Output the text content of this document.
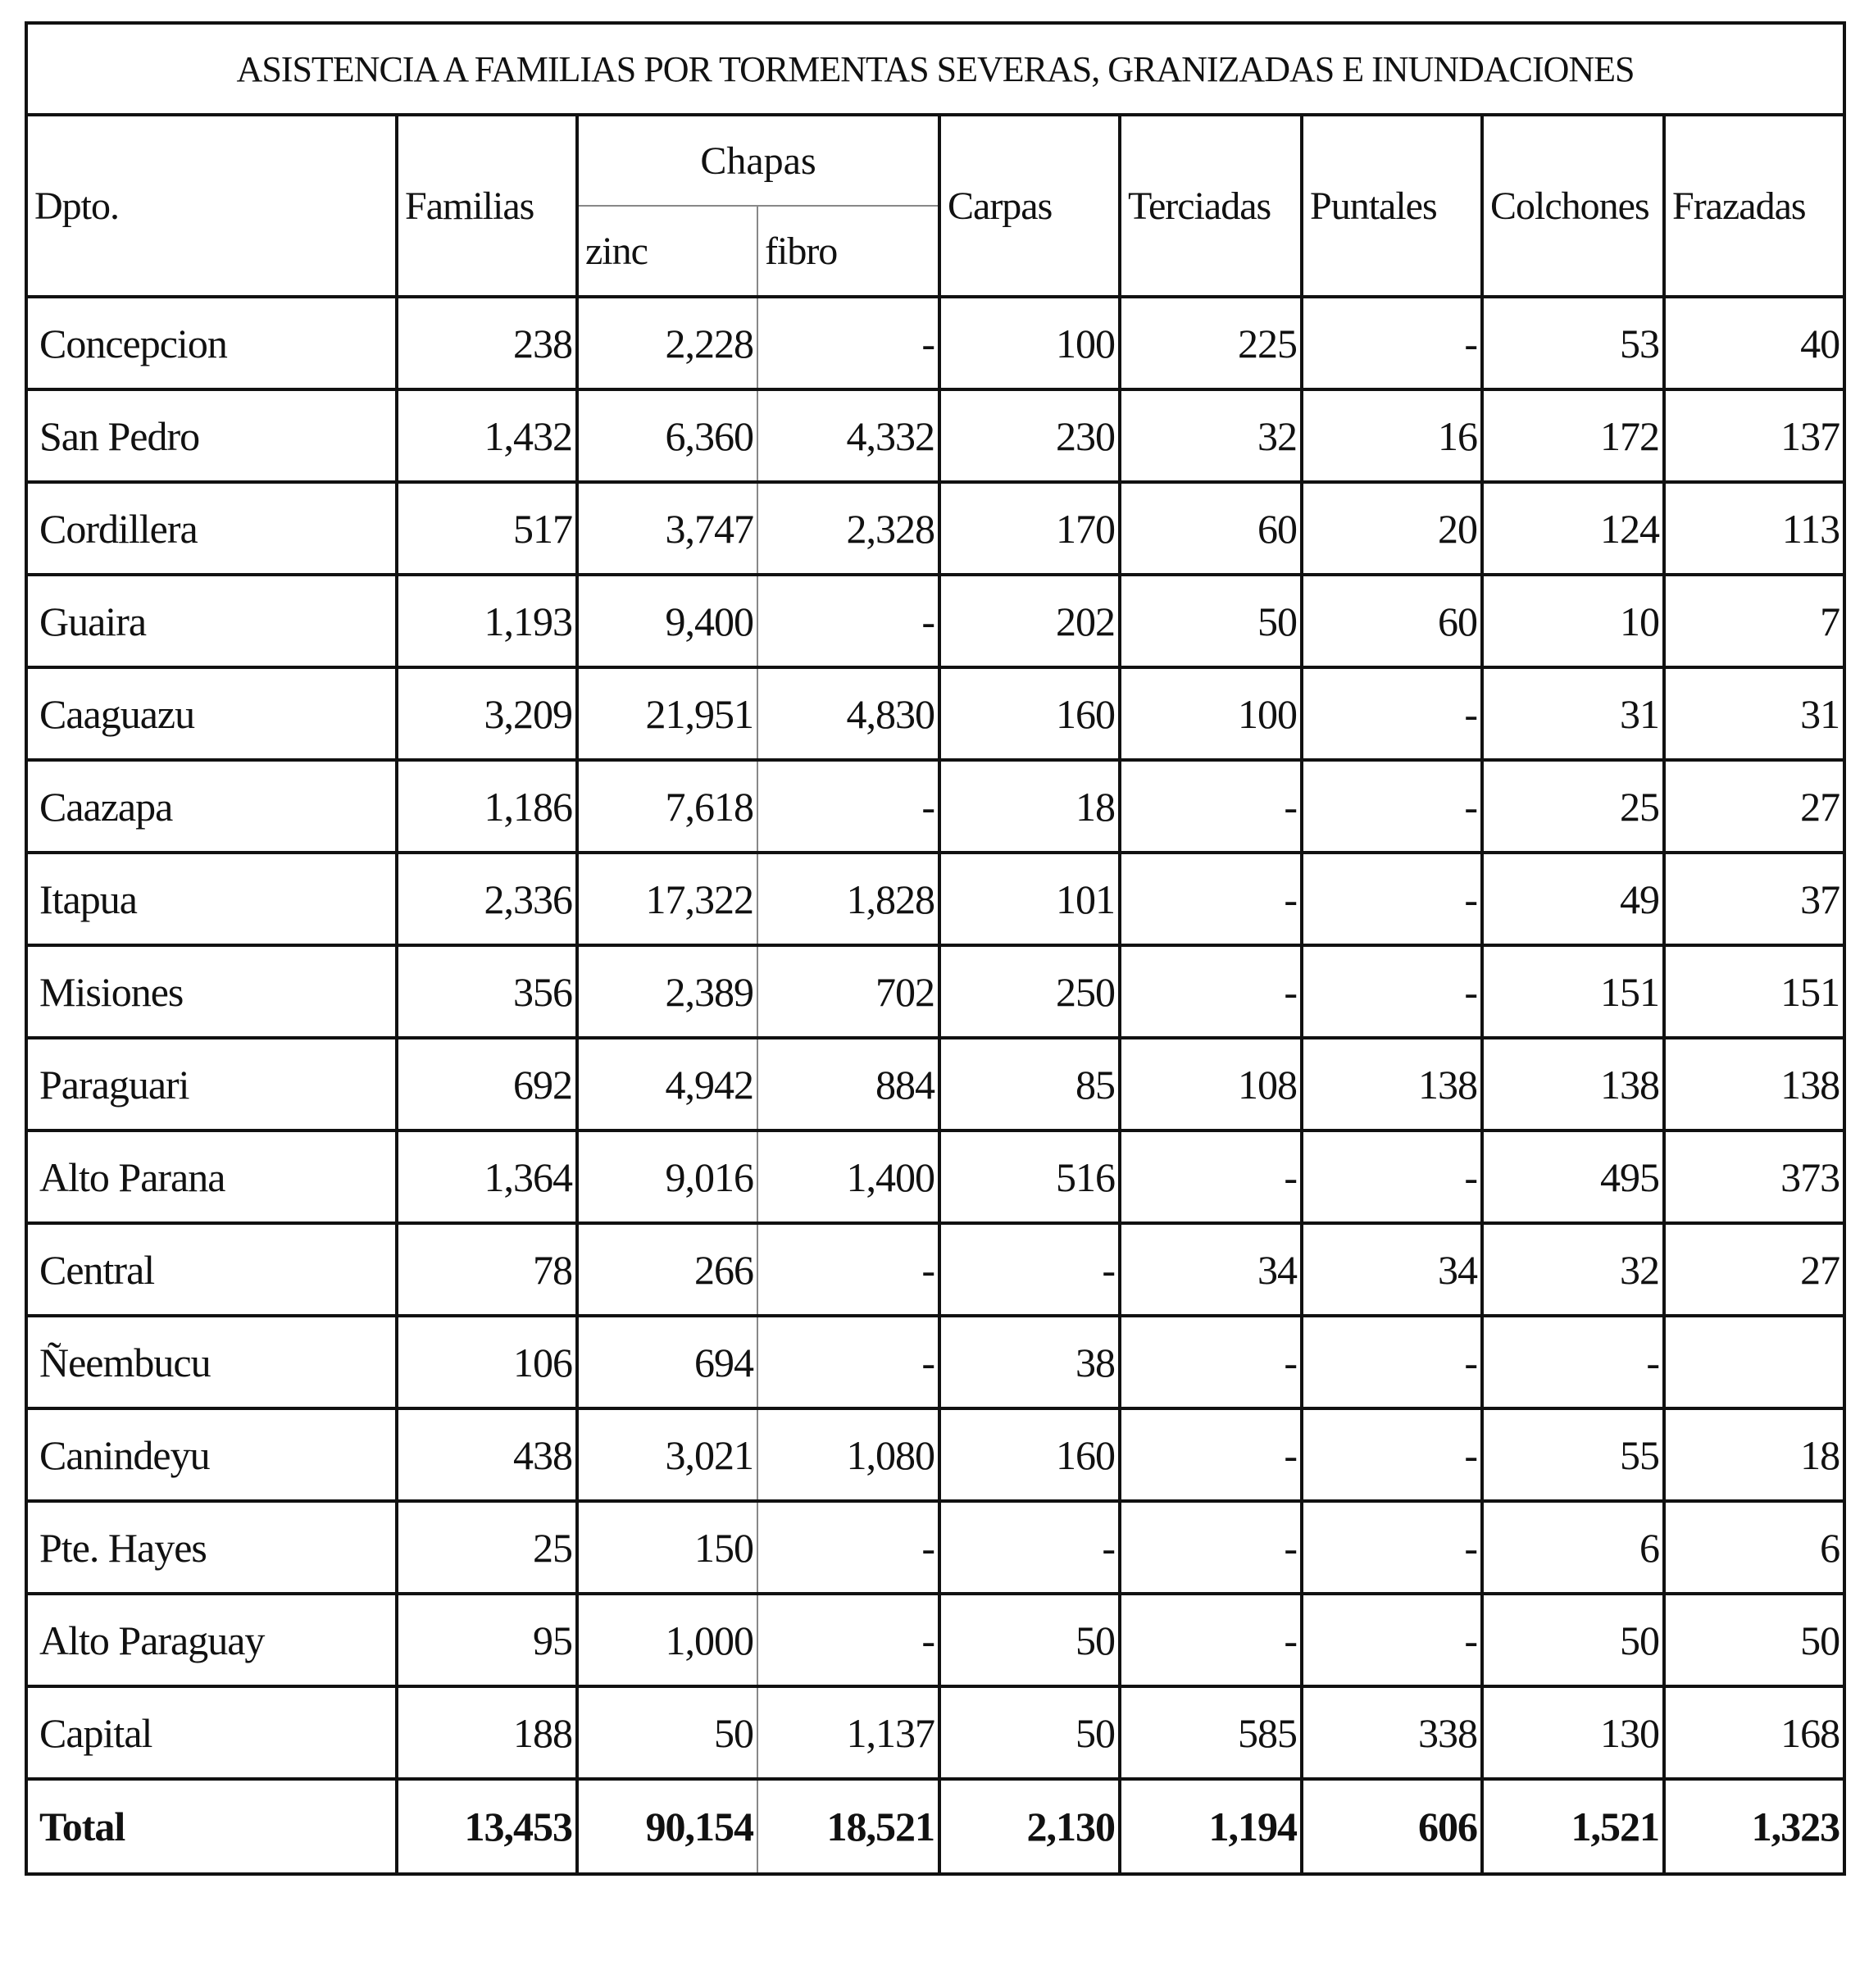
ASISTENCIA A FAMILIAS POR TORMENTAS SEVERAS, GRANIZADAS E INUNDACIONES								
Dpto.	Familias	Chapas		Carpas	Terciadas	Puntales	Colchones	Frazadas
		zinc	fibro					
Concepcion	238	2,228	-	100	225	-	53	40
San Pedro	1,432	6,360	4,332	230	32	16	172	137
Cordillera	517	3,747	2,328	170	60	20	124	113
Guaira	1,193	9,400	-	202	50	60	10	7
Caaguazu	3,209	21,951	4,830	160	100	-	31	31
Caazapa	1,186	7,618	-	18	-	-	25	27
Itapua	2,336	17,322	1,828	101	-	-	49	37
Misiones	356	2,389	702	250	-	-	151	151
Paraguari	692	4,942	884	85	108	138	138	138
Alto Parana	1,364	9,016	1,400	516	-	-	495	373
Central	78	266	-	-	34	34	32	27
Ñeembucu	106	694	-	38	-	-	-	
Canindeyu	438	3,021	1,080	160	-	-	55	18
Pte. Hayes	25	150	-	-	-	-	6	6
Alto Paraguay	95	1,000	-	50	-	-	50	50
Capital	188	50	1,137	50	585	338	130	168
Total	13,453	90,154	18,521	2,130	1,194	606	1,521	1,323
